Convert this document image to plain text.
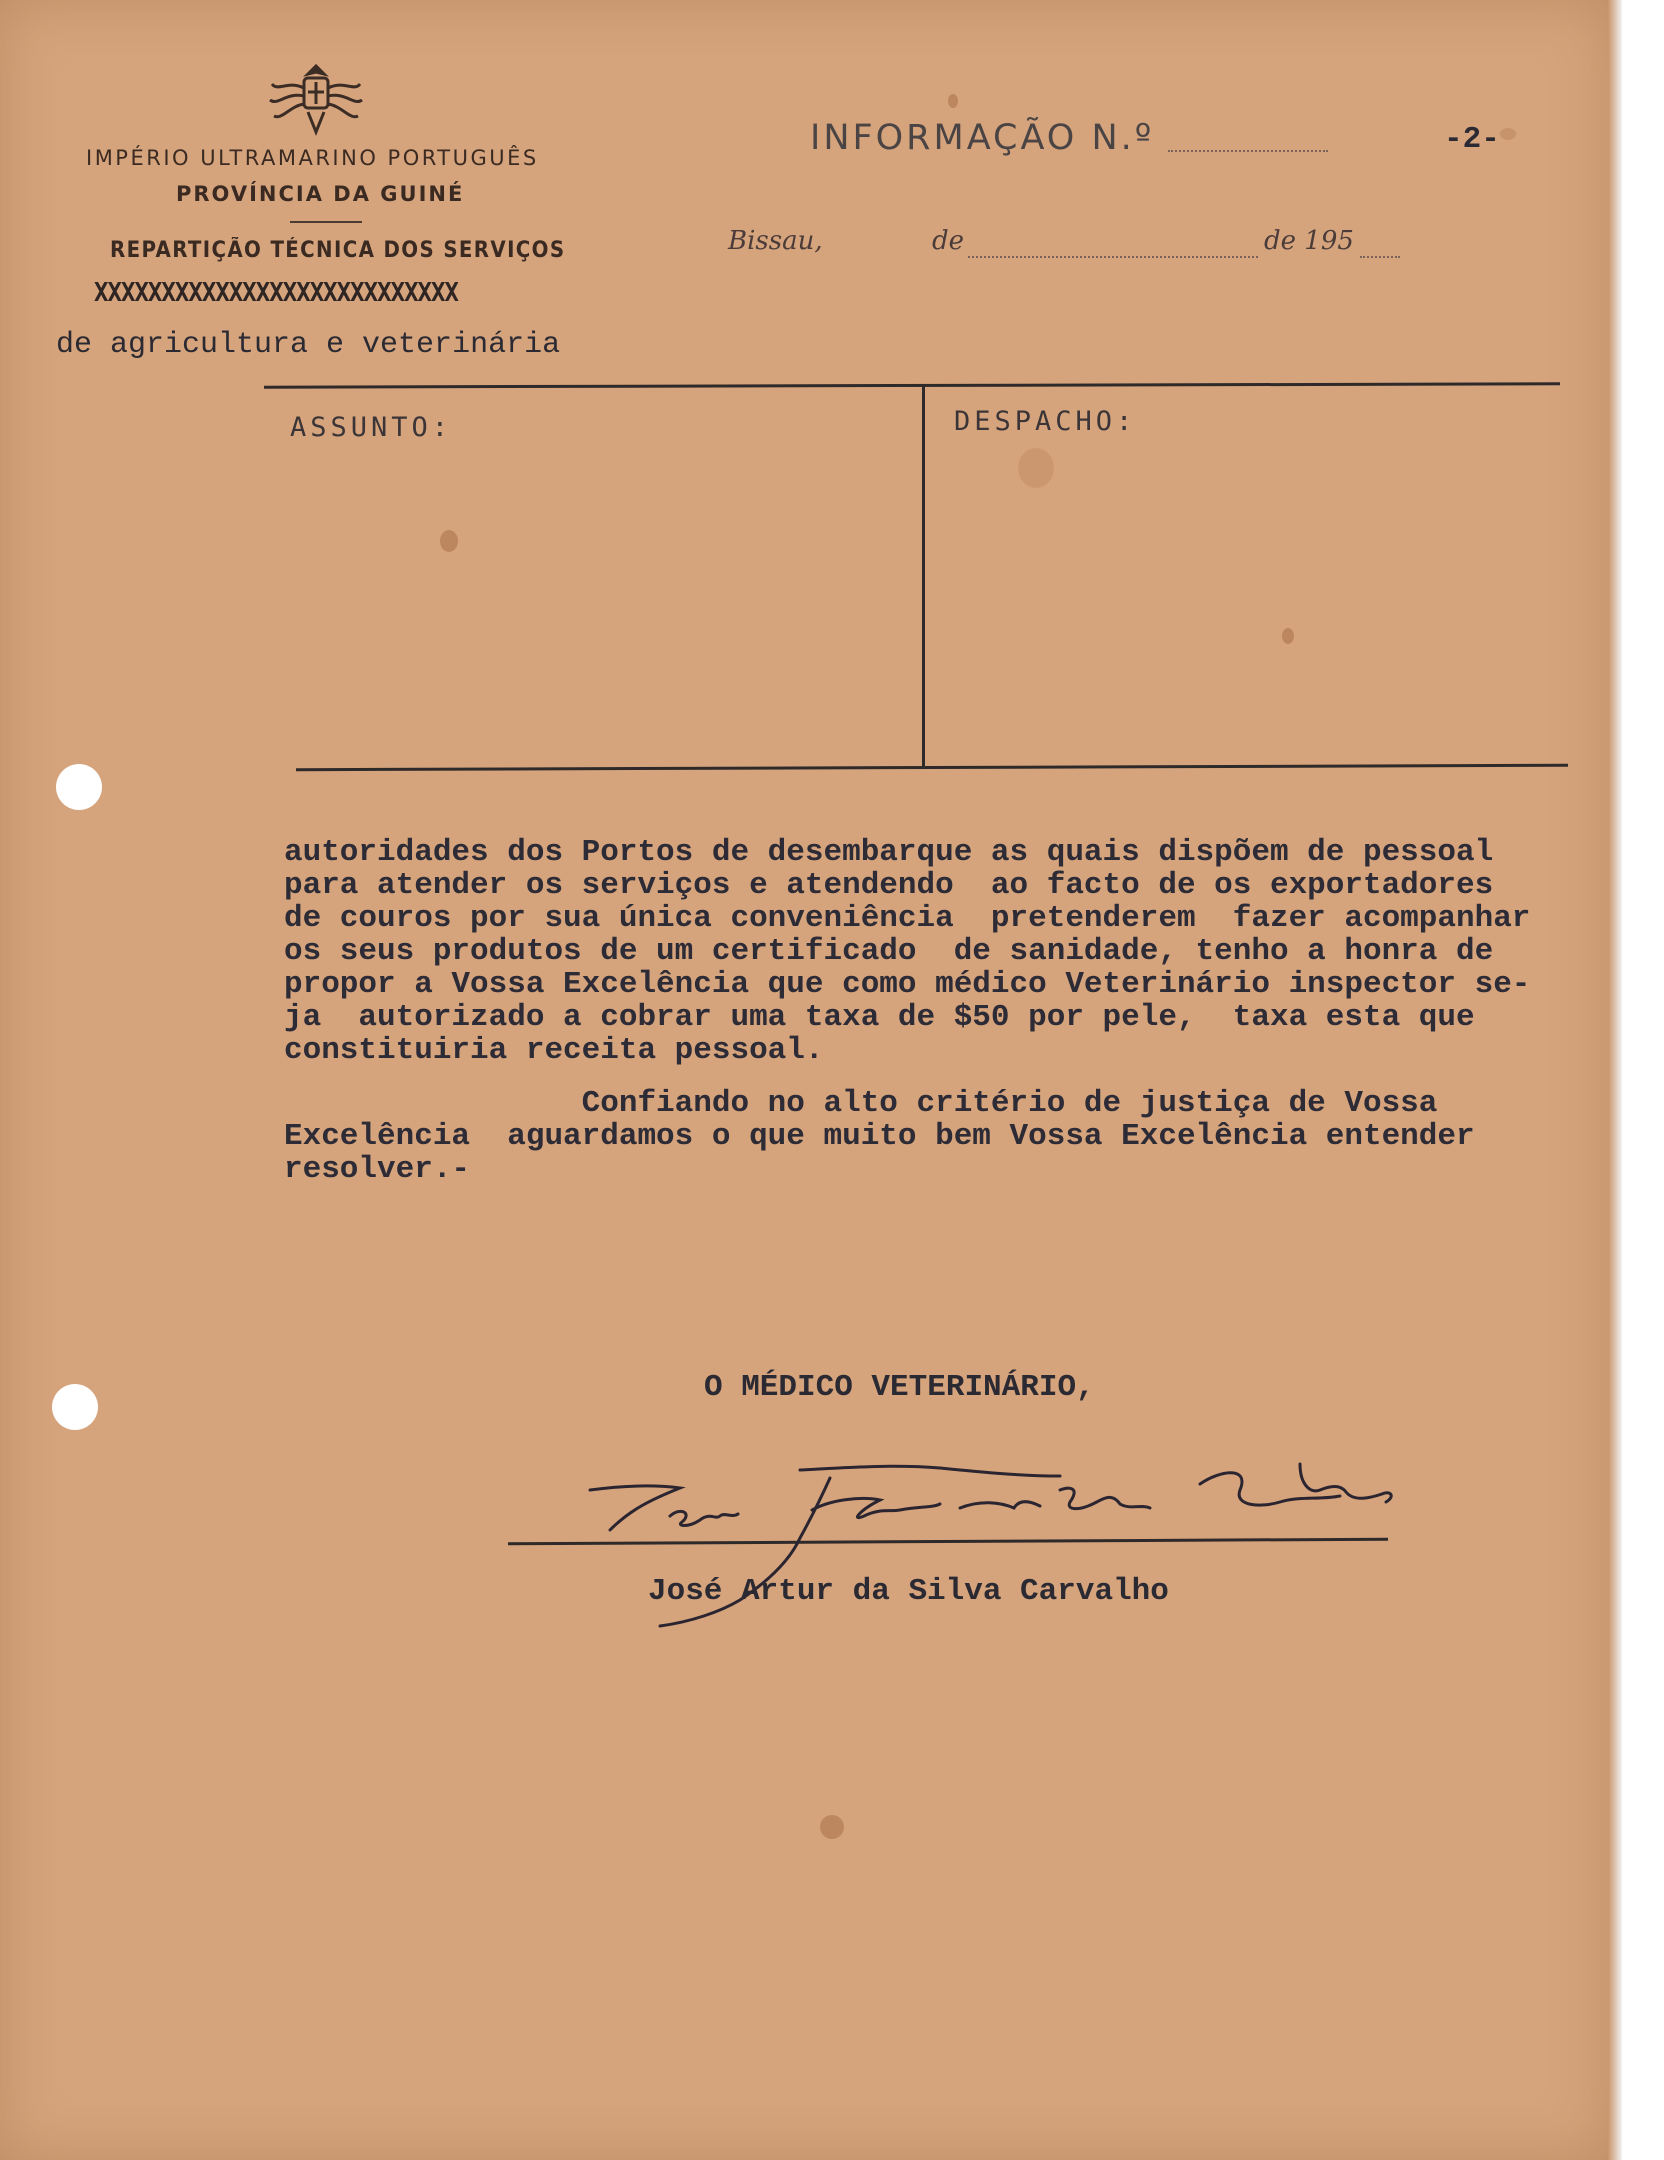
IMPÉRIO ULTRAMARINO PORTUGUÊS
PROVÍNCIA DA GUINÉ
REPARTIÇÃO TÉCNICA DOS SERVIÇOS
XXXXXXXXXXXXXXXXXXXXXXXXXXX
de agricultura e veterinária
INFORMAÇÃO N.º	-2-
Bissau,	de	de 195
ASSUNTO:	DESPACHO:

autoridades dos Portos de desembarque as quais dispõem de pessoal

para atender os serviços e atendendo  ao facto de os exportadores

de couros por sua única conveniência  pretenderem  fazer acompanhar

os seus produtos de um certificado  de sanidade, tenho a honra de

propor a Vossa Excelência que como médico Veterinário inspector se-

ja  autorizado a cobrar uma taxa de $50 por pele,  taxa esta que

constituiria receita pessoal.

Confiando no alto critério de justiça de Vossa

Excelência  aguardamos o que muito bem Vossa Excelência entender

resolver.-

O MÉDICO VETERINÁRIO,
José Artur da Silva Carvalho
